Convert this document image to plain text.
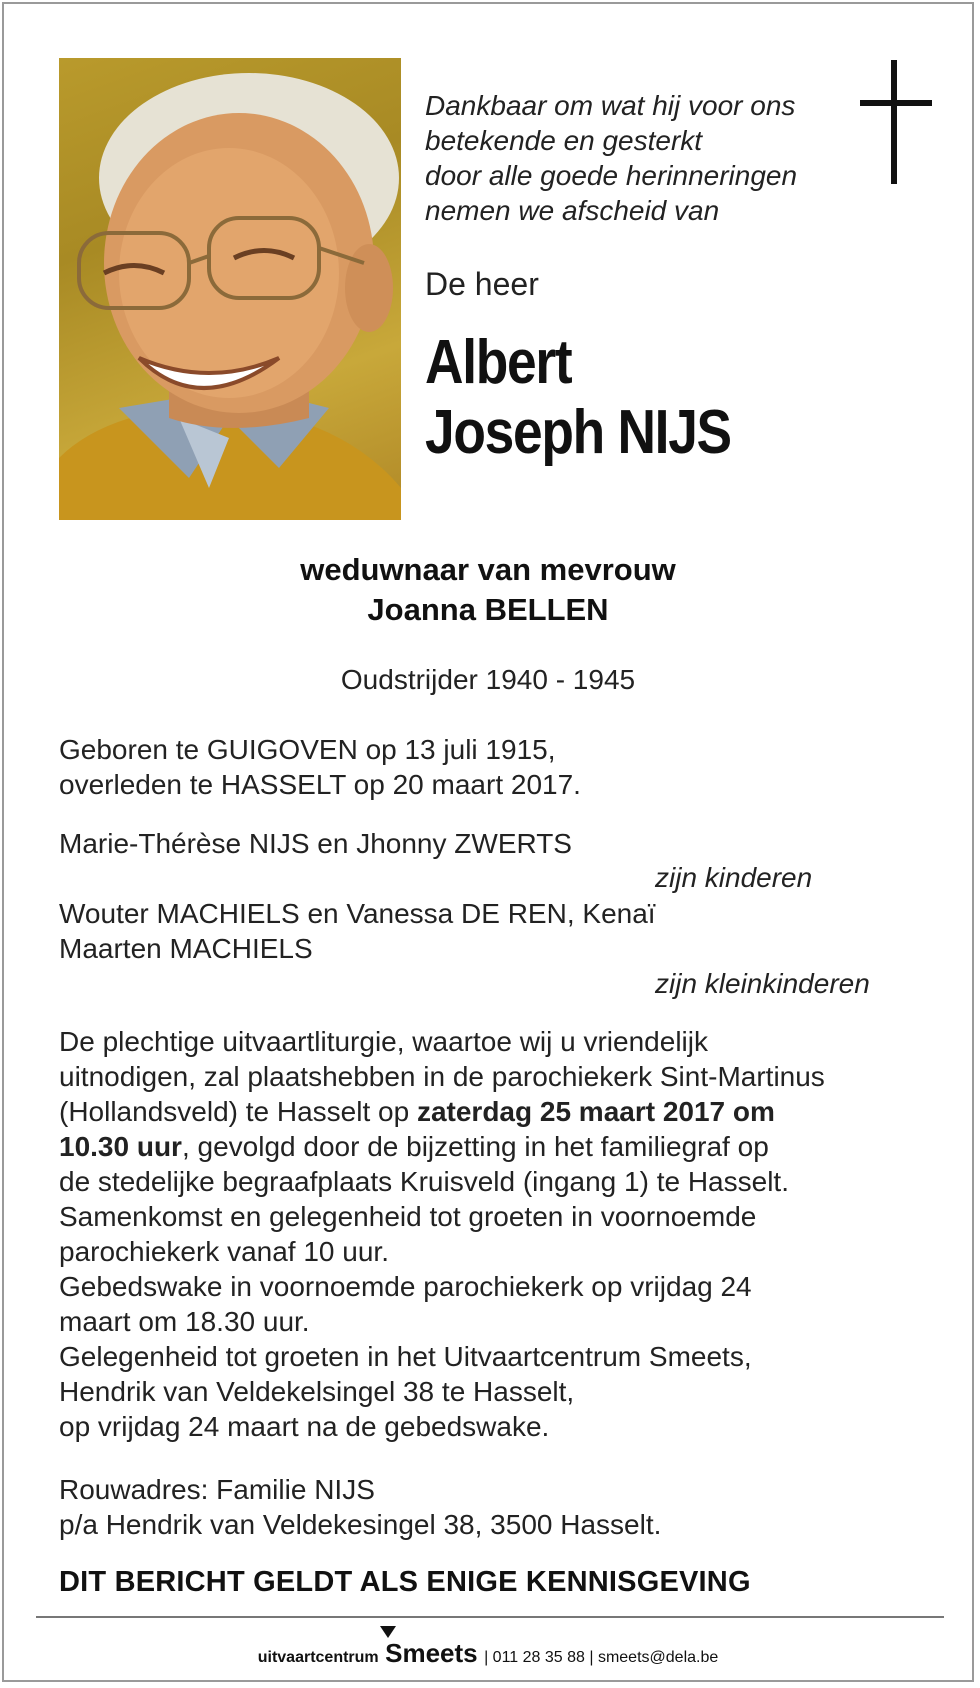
Dankbaar om wat hij voor ons
betekende en gesterkt
door alle goede herinneringen
nemen we afscheid van
De heer
Albert
Joseph NIJS
weduwnaar van mevrouw
Joanna BELLEN
Oudstrijder 1940 - 1945
Geboren te GUIGOVEN op 13 juli 1915,
overleden te HASSELT op 20 maart 2017.
Marie-Thérèse NIJS en Jhonny ZWERTS
zijn kinderen
Wouter MACHIELS en Vanessa DE REN, Kenaï
Maarten MACHIELS
zijn kleinkinderen
De plechtige uitvaartliturgie, waartoe wij u vriendelijk
uitnodigen, zal plaatshebben in de parochiekerk Sint-Martinus
(Hollandsveld) te Hasselt op zaterdag 25 maart 2017 om
10.30 uur, gevolgd door de bijzetting in het familiegraf op
de stedelijke begraafplaats Kruisveld (ingang 1) te Hasselt.
Samenkomst en gelegenheid tot groeten in voornoemde
parochiekerk vanaf 10 uur.
Gebedswake in voornoemde parochiekerk op vrijdag 24
maart om 18.30 uur.
Gelegenheid tot groeten in het Uitvaartcentrum Smeets,
Hendrik van Veldekelsingel 38 te Hasselt,
op vrijdag 24 maart na de gebedswake.
Rouwadres: Familie NIJS
p/a Hendrik van Veldekesingel 38, 3500 Hasselt.
DIT BERICHT GELDT ALS ENIGE KENNISGEVING
uitvaartcentrum Smeets | 011 28 35 88 | smeets@dela.be
